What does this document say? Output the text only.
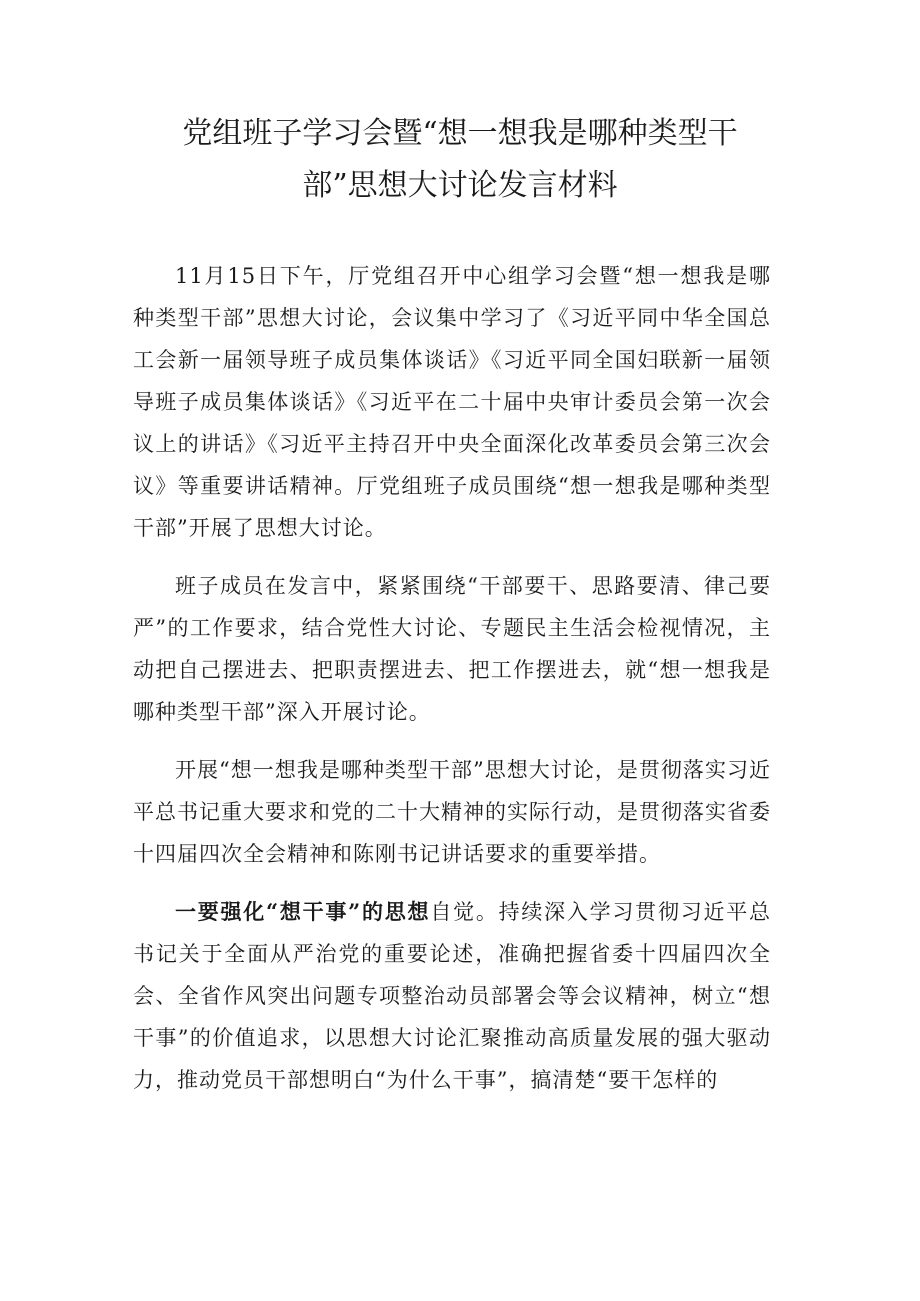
党组班子学习会暨“想一想我是哪种类型干
部”思想大讨论发言材料

11月15日下午，厅党组召开中心组学习会暨“想一想我是哪种类型干部”思想大讨论，会议集中学习了《习近平同中华全国总工会新一届领导班子成员集体谈话》《习近平同全国妇联新一届领导班子成员集体谈话》《习近平在二十届中央审计委员会第一次会议上的讲话》《习近平主持召开中央全面深化改革委员会第三次会议》等重要讲话精神。厅党组班子成员围绕“想一想我是哪种类型干部”开展了思想大讨论。

班子成员在发言中，紧紧围绕“干部要干、思路要清、律己要严”的工作要求，结合党性大讨论、专题民主生活会检视情况，主动把自己摆进去、把职责摆进去、把工作摆进去，就“想一想我是哪种类型干部”深入开展讨论。

开展“想一想我是哪种类型干部”思想大讨论，是贯彻落实习近平总书记重大要求和党的二十大精神的实际行动，是贯彻落实省委十四届四次全会精神和陈刚书记讲话要求的重要举措。

一要强化“想干事”的思想自觉。持续深入学习贯彻习近平总书记关于全面从严治党的重要论述，准确把握省委十四届四次全会、全省作风突出问题专项整治动员部署会等会议精神，树立“想干事”的价值追求，以思想大讨论汇聚推动高质量发展的强大驱动力，推动党员干部想明白“为什么干事”，搞清楚“要干怎样的
